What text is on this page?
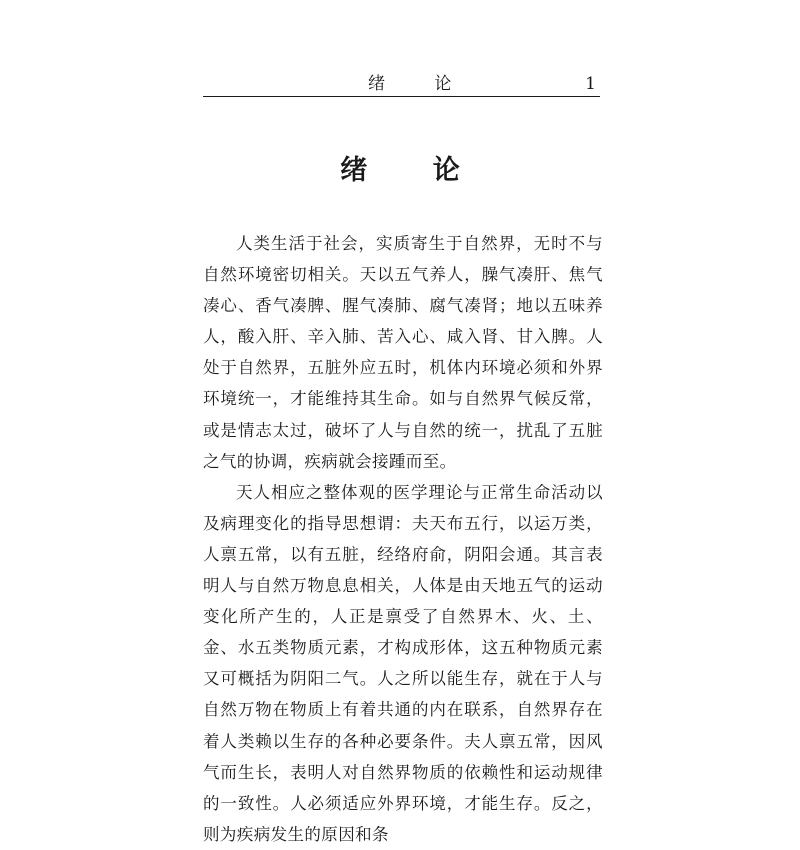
绪 论	1
绪 论

人类生活于社会，实质寄生于自然界，无时不与自然环境密切相关。天以五气养人，臊气凑肝、焦气凑心、香气凑脾、腥气凑肺、腐气凑肾；地以五味养人，酸入肝、辛入肺、苦入心、咸入肾、甘入脾。人处于自然界，五脏外应五时，机体内环境必须和外界环境统一，才能维持其生命。如与自然界气候反常，或是情志太过，破坏了人与自然的统一，扰乱了五脏之气的协调，疾病就会接踵而至。

天人相应之整体观的医学理论与正常生命活动以及病理变化的指导思想谓：夫天布五行，以运万类，人禀五常，以有五脏，经络府俞，阴阳会通。其言表明人与自然万物息息相关，人体是由天地五气的运动变化所产生的，人正是禀受了自然界木、火、土、金、水五类物质元素，才构成形体，这五种物质元素又可概括为阴阳二气。人之所以能生存，就在于人与自然万物在物质上有着共通的内在联系，自然界存在着人类赖以生存的各种必要条件。夫人禀五常，因风气而生长，表明人对自然界物质的依赖性和运动规律的一致性。人必须适应外界环境，才能生存。反之，则为疾病发生的原因和条
